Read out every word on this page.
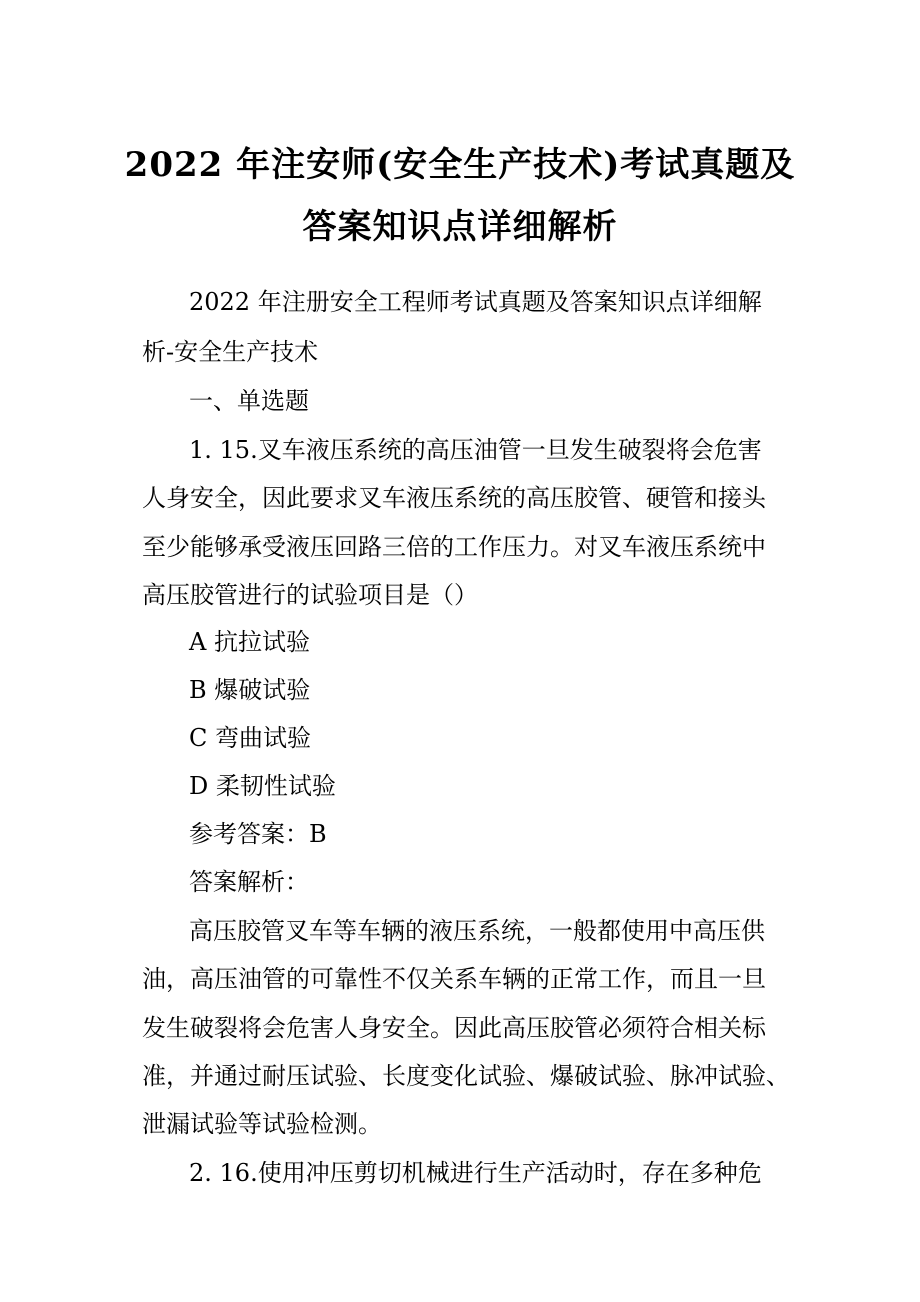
2022 年注安师(安全生产技术)考试真题及
答案知识点详细解析

2022 年注册安全工程师考试真题及答案知识点详细解

析-安全生产技术

一、单选题

1. 15.叉车液压系统的高压油管一旦发生破裂将会危害

人身安全，因此要求叉车液压系统的高压胶管、硬管和接头

至少能够承受液压回路三倍的工作压力。对叉车液压系统中

高压胶管进行的试验项目是（）

A 抗拉试验

B 爆破试验

C 弯曲试验

D 柔韧性试验

参考答案：B

答案解析：

高压胶管叉车等车辆的液压系统，一般都使用中高压供

油，高压油管的可靠性不仅关系车辆的正常工作，而且一旦

发生破裂将会危害人身安全。因此高压胶管必须符合相关标

准，并通过耐压试验、长度变化试验、爆破试验、脉冲试验、

泄漏试验等试验检测。

2. 16.使用冲压剪切机械进行生产活动时，存在多种危
